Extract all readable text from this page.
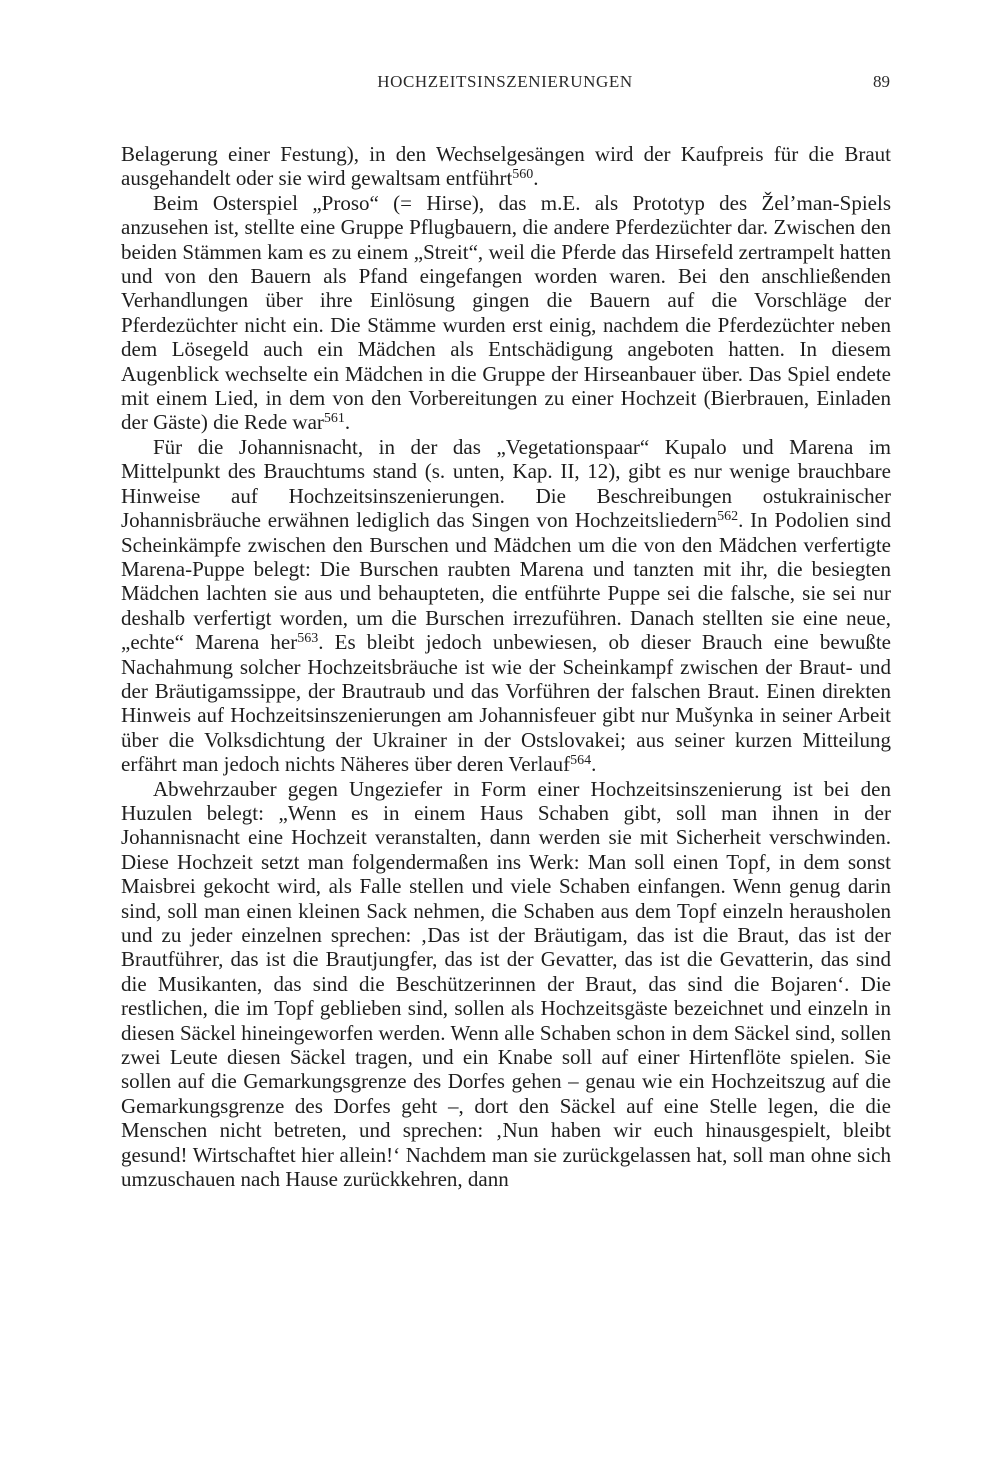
HOCHZEITSINSZENIERUNGEN	89

Belagerung einer Festung), in den Wechselgesängen wird der Kaufpreis für die Braut ausgehandelt oder sie wird gewaltsam entführt$^{560}$.

Beim Osterspiel „Proso“ (= Hirse), das m.E. als Prototyp des Žel’man-Spiels anzusehen ist, stellte eine Gruppe Pflugbauern, die andere Pferdezüchter dar. Zwischen den beiden Stämmen kam es zu einem „Streit“, weil die Pferde das Hirsefeld zertrampelt hatten und von den Bauern als Pfand eingefangen worden waren. Bei den anschließenden Verhandlungen über ihre Einlösung gingen die Bauern auf die Vorschläge der Pferdezüchter nicht ein. Die Stämme wurden erst einig, nachdem die Pferdezüchter neben dem Lösegeld auch ein Mädchen als Entschädigung angeboten hatten. In diesem Augenblick wechselte ein Mädchen in die Gruppe der Hirseanbauer über. Das Spiel endete mit einem Lied, in dem von den Vorbereitungen zu einer Hochzeit (Bierbrauen, Einladen der Gäste) die Rede war$^{561}$.

Für die Johannisnacht, in der das „Vegetationspaar“ Kupalo und Marena im Mittelpunkt des Brauchtums stand (s. unten, Kap. II, 12), gibt es nur wenige brauchbare Hinweise auf Hochzeitsinszenierungen. Die Beschreibungen ostukrainischer Johannisbräuche erwähnen lediglich das Singen von Hochzeitsliedern$^{562}$. In Podolien sind Scheinkämpfe zwischen den Burschen und Mädchen um die von den Mädchen verfertigte Marena-Puppe belegt: Die Burschen raubten Marena und tanzten mit ihr, die besiegten Mädchen lachten sie aus und behaupteten, die entführte Puppe sei die falsche, sie sei nur deshalb verfertigt worden, um die Burschen irrezuführen. Danach stellten sie eine neue, „echte“ Marena her$^{563}$. Es bleibt jedoch unbewiesen, ob dieser Brauch eine bewußte Nachahmung solcher Hochzeitsbräuche ist wie der Scheinkampf zwischen der Braut- und der Bräutigamssippe, der Brautraub und das Vorführen der falschen Braut. Einen direkten Hinweis auf Hochzeitsinszenierungen am Johannisfeuer gibt nur Mušynka in seiner Arbeit über die Volksdichtung der Ukrainer in der Ostslovakei; aus seiner kurzen Mitteilung erfährt man jedoch nichts Näheres über deren Verlauf$^{564}$.

Abwehrzauber gegen Ungeziefer in Form einer Hochzeitsinszenierung ist bei den Huzulen belegt: „Wenn es in einem Haus Schaben gibt, soll man ihnen in der Johannisnacht eine Hochzeit veranstalten, dann werden sie mit Sicherheit verschwinden. Diese Hochzeit setzt man folgendermaßen ins Werk: Man soll einen Topf, in dem sonst Maisbrei gekocht wird, als Falle stellen und viele Schaben einfangen. Wenn genug darin sind, soll man einen kleinen Sack nehmen, die Schaben aus dem Topf einzeln herausholen und zu jeder einzelnen sprechen: ‚Das ist der Bräutigam, das ist die Braut, das ist der Brautführer, das ist die Brautjungfer, das ist der Gevatter, das ist die Gevatterin, das sind die Musikanten, das sind die Beschützerinnen der Braut, das sind die Bojaren‘. Die restlichen, die im Topf geblieben sind, sollen als Hochzeitsgäste bezeichnet und einzeln in diesen Säckel hineingeworfen werden. Wenn alle Schaben schon in dem Säckel sind, sollen zwei Leute diesen Säckel tragen, und ein Knabe soll auf einer Hirtenflöte spielen. Sie sollen auf die Gemarkungsgrenze des Dorfes gehen – genau wie ein Hochzeitszug auf die Gemarkungsgrenze des Dorfes geht –, dort den Säckel auf eine Stelle legen, die die Menschen nicht betreten, und sprechen: ‚Nun haben wir euch hinausgespielt, bleibt gesund! Wirtschaftet hier allein!‘ Nachdem man sie zurückgelassen hat, soll man ohne sich umzuschauen nach Hause zurückkehren, dann
